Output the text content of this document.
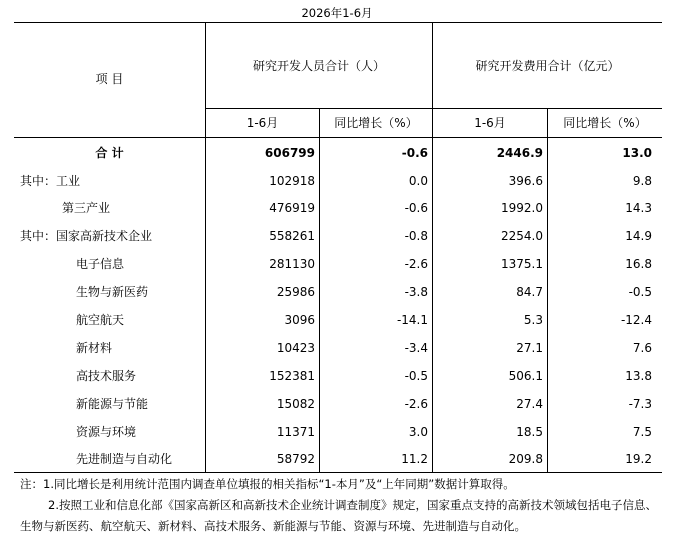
2026年1-6月
项 目
研究开发人员合计（人）	研究开发费用合计（亿元）
1-6月	同比增长（%）	1-6月	同比增长（%）
合 计	606799	-0.6	2446.9	13.0
其中：工业	102918	0.0	396.6	9.8
第三产业	476919	-0.6	1992.0	14.3
其中：国家高新技术企业	558261	-0.8	2254.0	14.9
电子信息	281130	-2.6	1375.1	16.8
生物与新医药	25986	-3.8	84.7	-0.5
航空航天	3096	-14.1	5.3	-12.4
新材料	10423	-3.4	27.1	7.6
高技术服务	152381	-0.5	506.1	13.8
新能源与节能	15082	-2.6	27.4	-7.3
资源与环境	11371	3.0	18.5	7.5
先进制造与自动化	58792	11.2	209.8	19.2

注：1.同比增长是利用统计范围内调查单位填报的相关指标“1-本月”及“上年同期”数据计算取得。

2.按照工业和信息化部《国家高新区和高新技术企业统计调查制度》规定，国家重点支持的高新技术领域包括电子信息、生物与新医药、航空航天、新材料、高技术服务、新能源与节能、资源与环境、先进制造与自动化。
